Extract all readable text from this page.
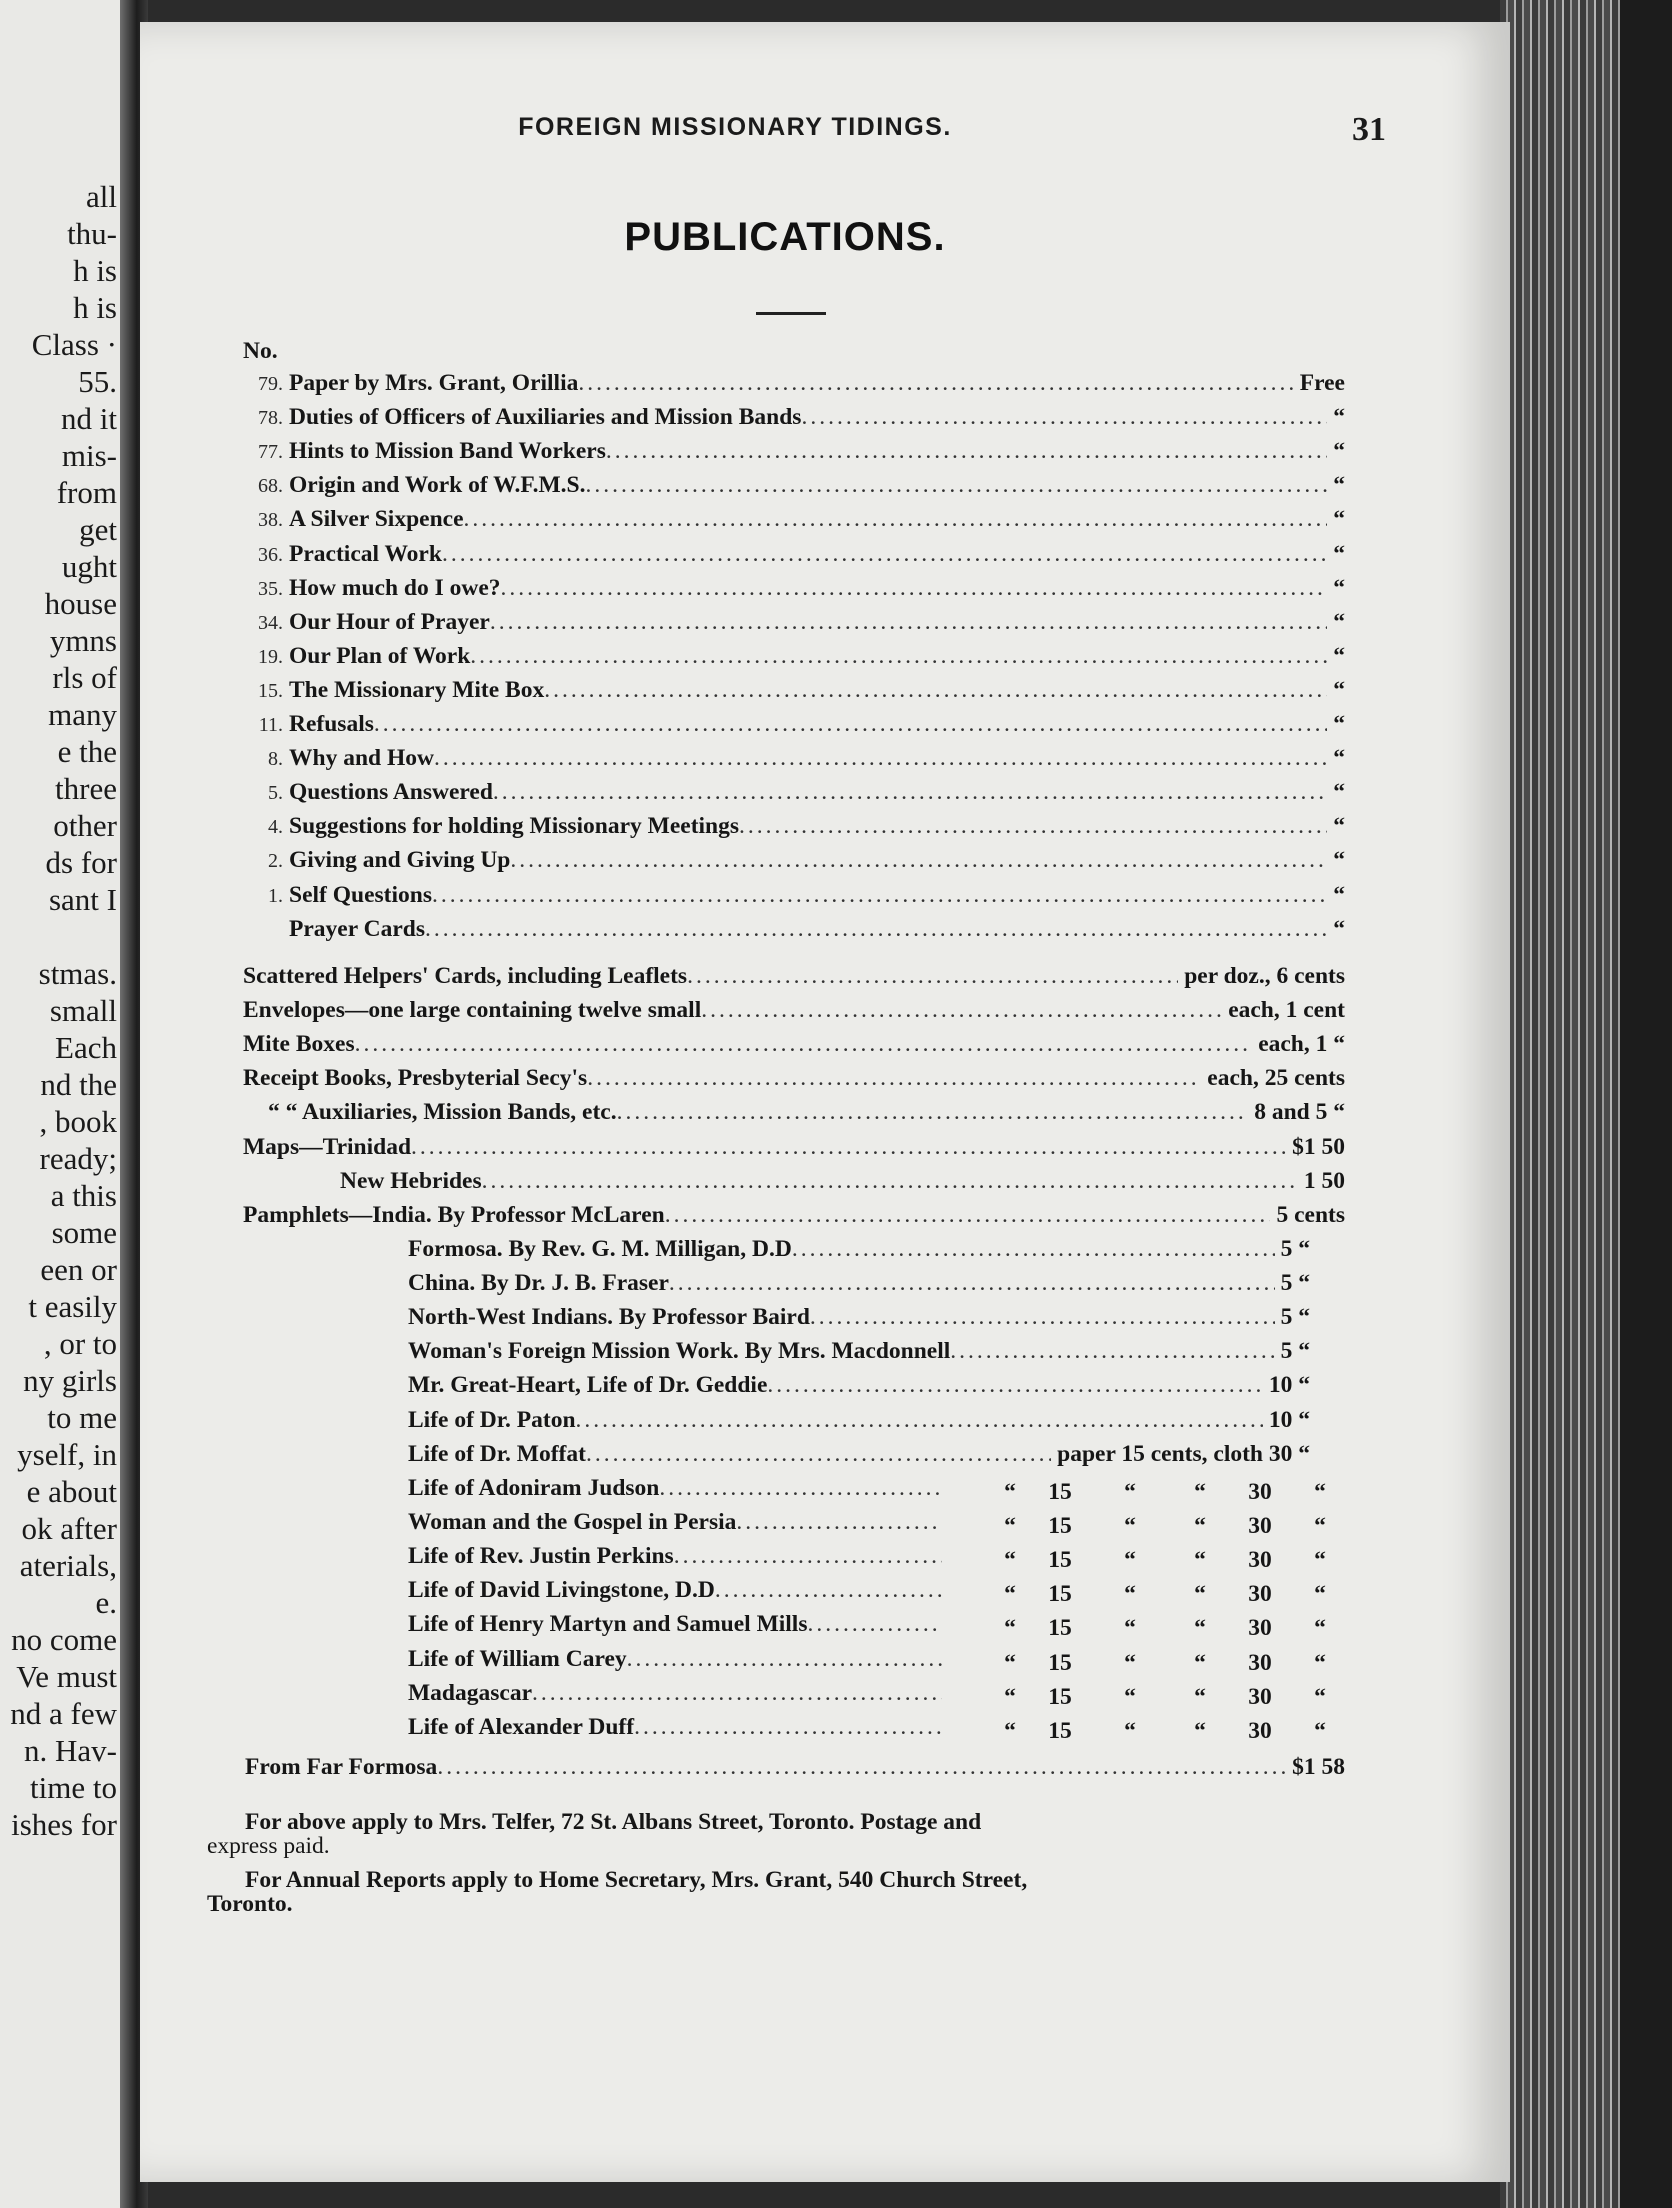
all
thu-
h is
h is
Class ·
55.
nd it
mis-
from
get
ught
house
ymns
rls of
many
e the
three
other
ds for
sant I

stmas.
small
Each
nd the
, book
ready;
a this
some
een or
t easily
, or to
ny girls
to me
yself, in
e about
ok after
aterials,
e.
no come
Ve must
nd a few
n. Hav-
time to
ishes for
FOREIGN MISSIONARY TIDINGS.	31
PUBLICATIONS.
No.
79. Paper by Mrs. Grant, Orillia .....	Free
78. Duties of Officers of Auxiliaries and Mission Bands .....	“
77. Hints to Mission Band Workers .....	“
68. Origin and Work of W.F.M.S. .....	“
38. A Silver Sixpence .....	“
36. Practical Work .....	“
35. How much do I owe? .....	“
34. Our Hour of Prayer .....	“
19. Our Plan of Work .....	“
15. The Missionary Mite Box .....	“
11. Refusals .....	“
8. Why and How .....	“
5. Questions Answered .....	“
4. Suggestions for holding Missionary Meetings .....	“
2. Giving and Giving Up .....	“
1. Self Questions .....	“
Prayer Cards .....	“
Scattered Helpers' Cards, including Leaflets .....	per doz., 6 cents
Envelopes—one large containing twelve small .....	each, 1 cent
Mite Boxes .....	each, 1 “
Receipt Books, Presbyterial Secy's .....	each, 25 cents
“ “ Auxiliaries, Mission Bands, etc. .....	8 and 5 “
Maps—Trinidad .....	$1 50
New Hebrides .....	1 50
Pamphlets—India. By Professor McLaren .....	5 cents
Formosa. By Rev. G. M. Milligan, D.D .....	5 “
China. By Dr. J. B. Fraser .....	5 “
North-West Indians. By Professor Baird .....	5 “
Woman's Foreign Mission Work. By Mrs. Macdonnell .....	5 “
Mr. Great-Heart, Life of Dr. Geddie .....	10 “
Life of Dr. Paton .....	10 “
Life of Dr. Moffat .....	paper 15 cents, cloth 30 “
Life of Adoniram Judson .....	“	15	“	“	30	“
Woman and the Gospel in Persia .....	“	15	“	“	30	“
Life of Rev. Justin Perkins .....	“	15	“	“	30	“
Life of David Livingstone, D.D .....	“	15	“	“	30	“
Life of Henry Martyn and Samuel Mills .....	“	15	“	“	30	“
Life of William Carey .....	“	15	“	“	30	“
Madagascar .....	“	15	“	“	30	“
Life of Alexander Duff .....	“	15	“	“	30	“
From Far Formosa .....	$1 58
For above apply to Mrs. Telfer, 72 St. Albans Street, Toronto. Postage and
express paid.
For Annual Reports apply to Home Secretary, Mrs. Grant, 540 Church Street,
Toronto.
